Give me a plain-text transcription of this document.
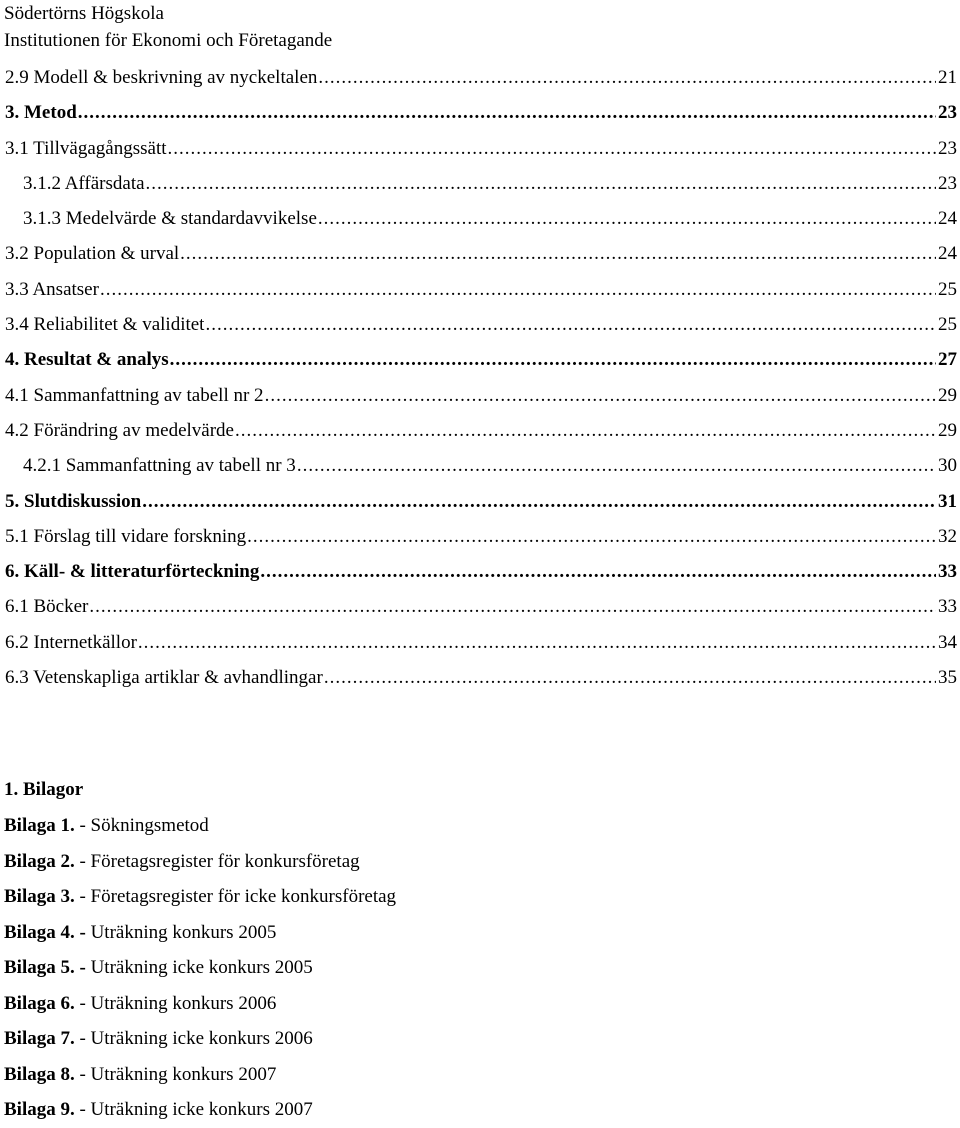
Södertörns Högskola
Institutionen för Ekonomi och Företagande
2.9 Modell & beskrivning av nyckeltalen .....	21
3. Metod .....	23
3.1 Tillvägagångssätt .....	23
3.1.2 Affärsdata .....	23
3.1.3 Medelvärde & standardavvikelse .....	24
3.2 Population & urval .....	24
3.3 Ansatser .....	25
3.4 Reliabilitet & validitet .....	25
4. Resultat & analys .....	27
4.1 Sammanfattning av tabell nr 2 .....	29
4.2 Förändring av medelvärde .....	29
4.2.1 Sammanfattning av tabell nr 3 .....	30
5. Slutdiskussion .....	31
5.1 Förslag till vidare forskning .....	32
6. Käll- & litteraturförteckning .....	33
6.1 Böcker .....	33
6.2 Internetkällor .....	34
6.3 Vetenskapliga artiklar & avhandlingar .....	35
1. Bilagor
Bilaga 1. - Sökningsmetod
Bilaga 2. - Företagsregister för konkursföretag
Bilaga 3. - Företagsregister för icke konkursföretag
Bilaga 4. - Uträkning konkurs 2005
Bilaga 5. - Uträkning icke konkurs 2005
Bilaga 6. - Uträkning konkurs 2006
Bilaga 7. - Uträkning icke konkurs 2006
Bilaga 8. - Uträkning konkurs 2007
Bilaga 9. - Uträkning icke konkurs 2007
